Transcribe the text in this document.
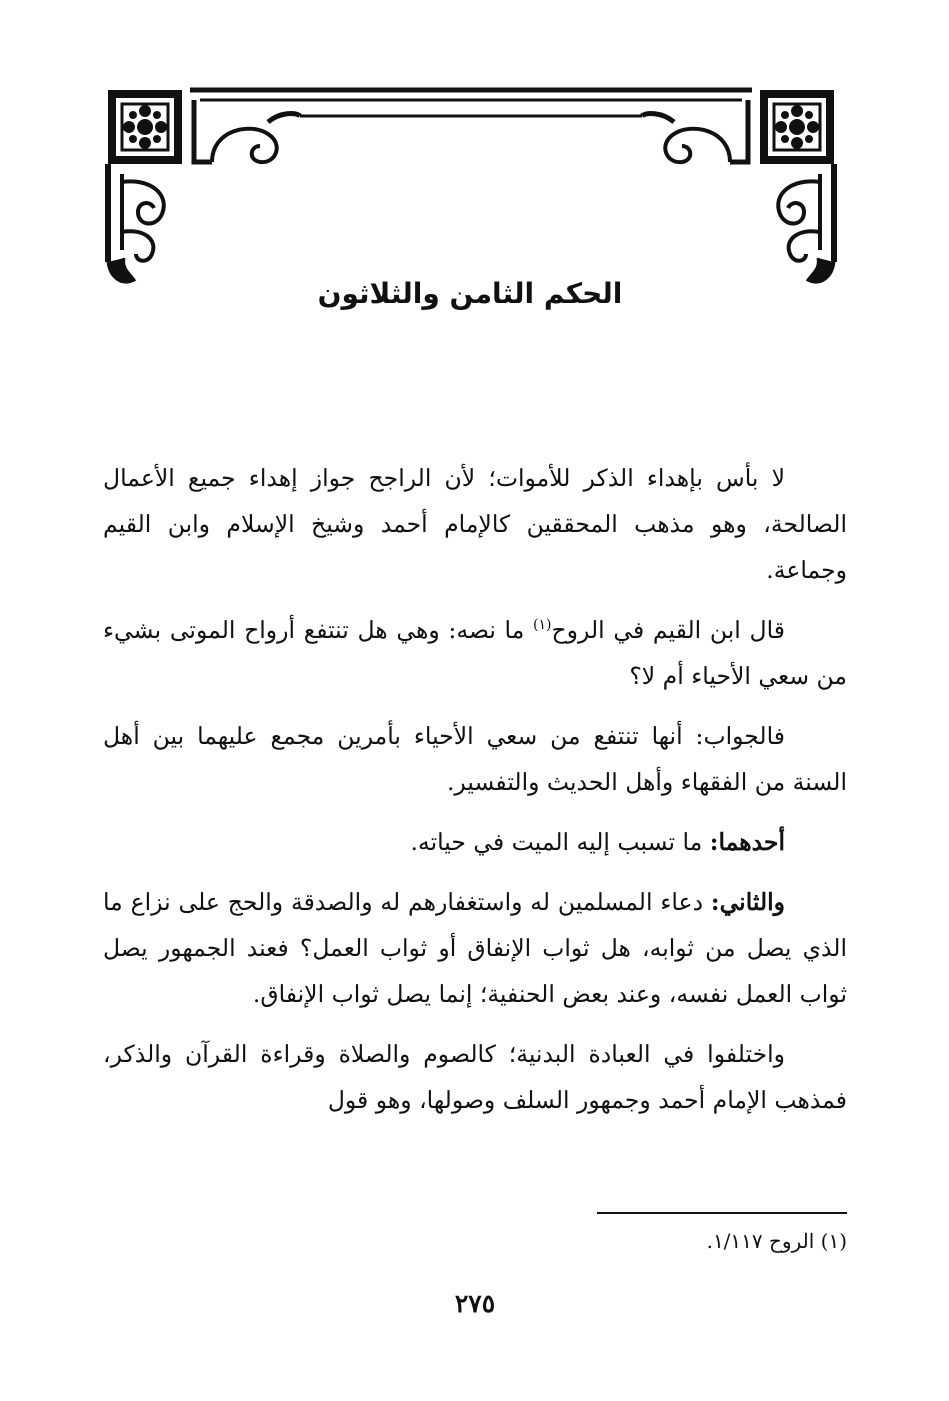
الحكم الثامن والثلاثون

لا بأس بإهداء الذكر للأموات؛ لأن الراجح جواز إهداء جميع الأعمال الصالحة، وهو مذهب المحققين كالإمام أحمد وشيخ الإسلام وابن القيم وجماعة.

قال ابن القيم في الروح$^{(١)}$ ما نصه: وهي هل تنتفع أرواح الموتى بشيء من سعي الأحياء أم لا؟

فالجواب: أنها تنتفع من سعي الأحياء بأمرين مجمع عليهما بين أهل السنة من الفقهاء وأهل الحديث والتفسير.

أحدهما: ما تسبب إليه الميت في حياته.

والثاني: دعاء المسلمين له واستغفارهم له والصدقة والحج على نزاع ما الذي يصل من ثوابه، هل ثواب الإنفاق أو ثواب العمل؟ فعند الجمهور يصل ثواب العمل نفسه، وعند بعض الحنفية؛ إنما يصل ثواب الإنفاق.

واختلفوا في العبادة البدنية؛ كالصوم والصلاة وقراءة القرآن والذكر، فمذهب الإمام أحمد وجمهور السلف وصولها، وهو قول

(١) الروح ١/١١٧.

٢٧٥
